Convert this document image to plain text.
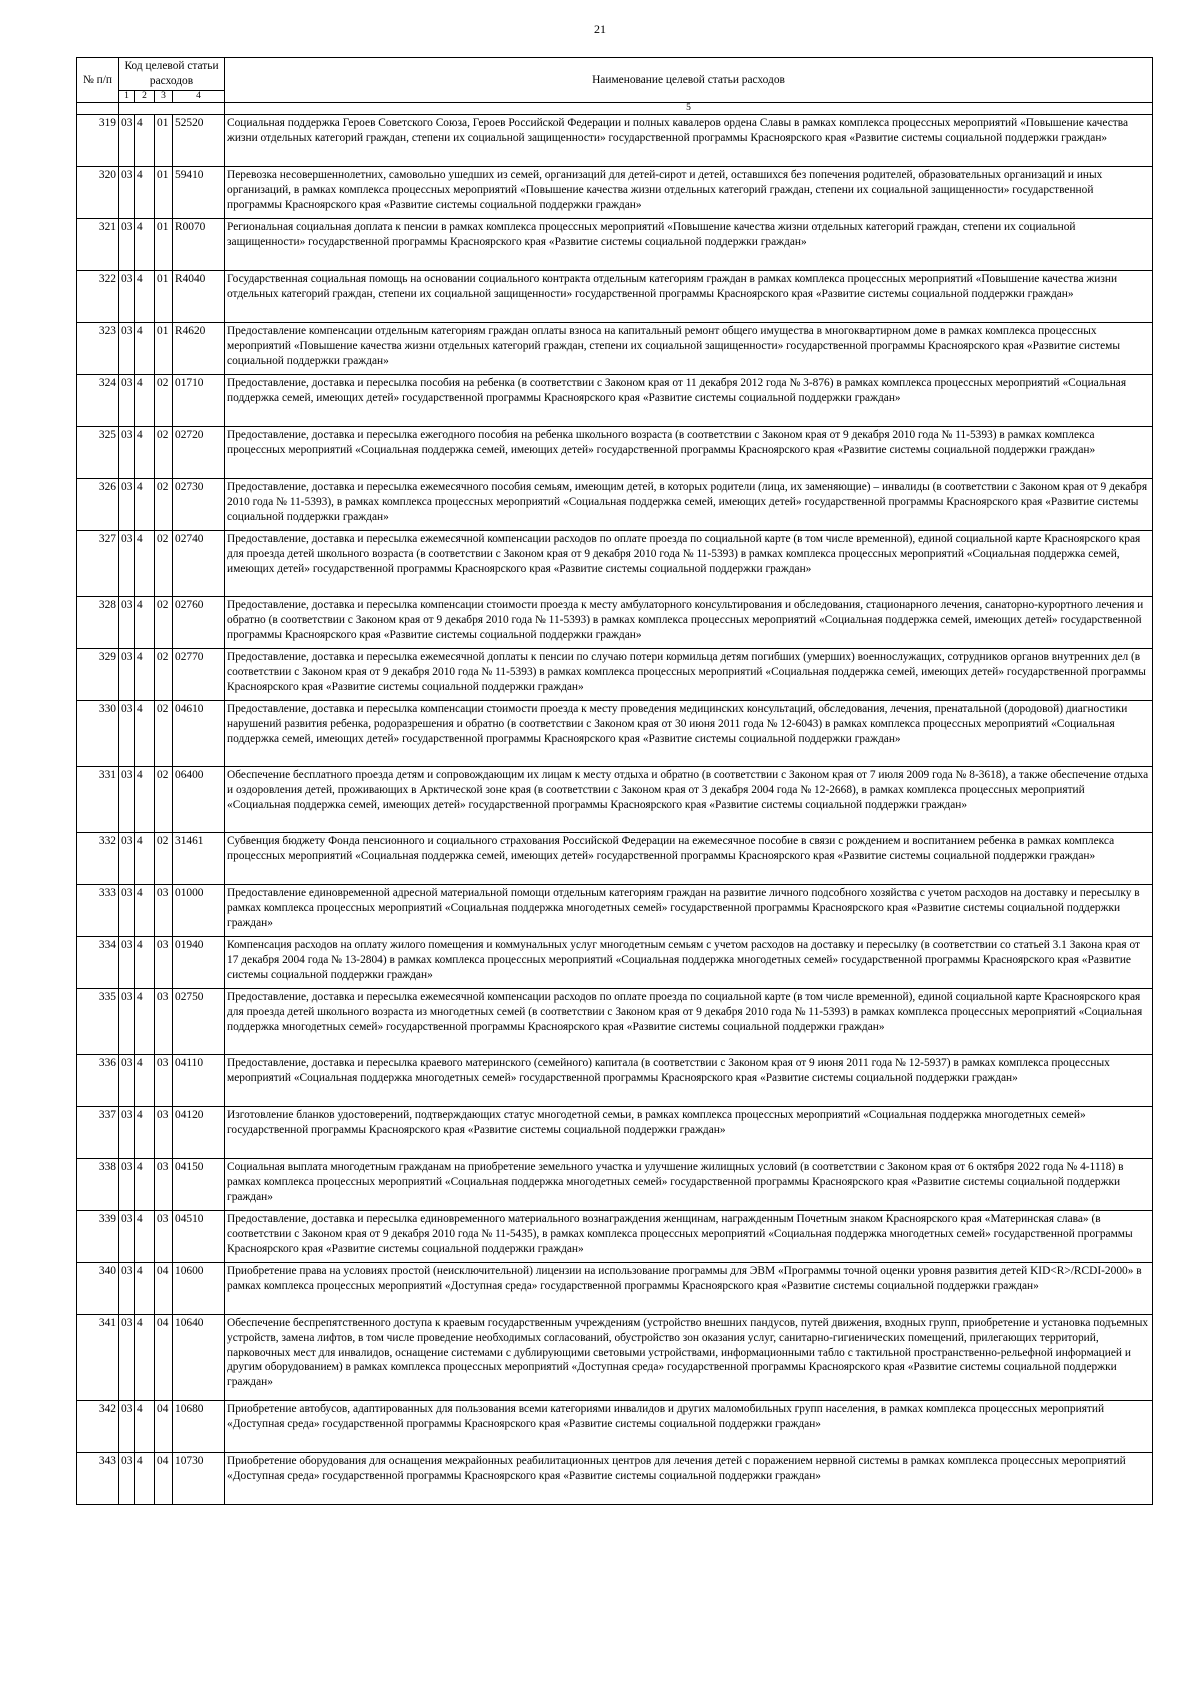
21
№ п/п	Код целевой статьи расходов				Наименование целевой статьи расходов
	1	2	3	4	
					5
319	03	4	01	52520	Социальная поддержка Героев Советского Союза, Героев Российской Федерации и полных кавалеров ордена Славы в рамках комплекса процессных мероприятий «Повышение качества жизни отдельных категорий граждан, степени их социальной защищенности» государственной программы Красноярского края «Развитие системы социальной поддержки граждан»
320	03	4	01	59410	Перевозка несовершеннолетних, самовольно ушедших из семей, организаций для детей-сирот и детей, оставшихся без попечения родителей, образовательных организаций и иных организаций, в рамках комплекса процессных мероприятий «Повышение качества жизни отдельных категорий граждан, степени их социальной защищенности» государственной программы Красноярского края «Развитие системы социальной поддержки граждан»
321	03	4	01	R0070	Региональная социальная доплата к пенсии в рамках комплекса процессных мероприятий «Повышение качества жизни отдельных категорий граждан, степени их социальной защищенности» государственной программы Красноярского края «Развитие системы социальной поддержки граждан»
322	03	4	01	R4040	Государственная социальная помощь на основании социального контракта отдельным категориям граждан в рамках комплекса процессных мероприятий «Повышение качества жизни отдельных категорий граждан, степени их социальной защищенности» государственной программы Красноярского края «Развитие системы социальной поддержки граждан»
323	03	4	01	R4620	Предоставление компенсации отдельным категориям граждан оплаты взноса на капитальный ремонт общего имущества в многоквартирном доме в рамках комплекса процессных мероприятий «Повышение качества жизни отдельных категорий граждан, степени их социальной защищенности» государственной программы Красноярского края «Развитие системы социальной поддержки граждан»
324	03	4	02	01710	Предоставление, доставка и пересылка пособия на ребенка (в соответствии с Законом края от 11 декабря 2012 года № 3-876) в рамках комплекса процессных мероприятий «Социальная поддержка семей, имеющих детей» государственной программы Красноярского края «Развитие системы социальной поддержки граждан»
325	03	4	02	02720	Предоставление, доставка и пересылка ежегодного пособия на ребенка школьного возраста (в соответствии с Законом края от 9 декабря 2010 года № 11-5393) в рамках комплекса процессных мероприятий «Социальная поддержка семей, имеющих детей» государственной программы Красноярского края «Развитие системы социальной поддержки граждан»
326	03	4	02	02730	Предоставление, доставка и пересылка ежемесячного пособия семьям, имеющим детей, в которых родители (лица, их заменяющие) – инвалиды (в соответствии с Законом края от 9 декабря 2010 года № 11-5393), в рамках комплекса процессных мероприятий «Социальная поддержка семей, имеющих детей» государственной программы Красноярского края «Развитие системы социальной поддержки граждан»
327	03	4	02	02740	Предоставление, доставка и пересылка ежемесячной компенсации расходов по оплате проезда по социальной карте (в том числе временной), единой социальной карте Красноярского края для проезда детей школьного возраста (в соответствии с Законом края от 9 декабря 2010 года № 11-5393) в рамках комплекса процессных мероприятий «Социальная поддержка семей, имеющих детей» государственной программы Красноярского края «Развитие системы социальной поддержки граждан»
328	03	4	02	02760	Предоставление, доставка и пересылка компенсации стоимости проезда к месту амбулаторного консультирования и обследования, стационарного лечения, санаторно-курортного лечения и обратно (в соответствии с Законом края от 9 декабря 2010 года № 11-5393) в рамках комплекса процессных мероприятий «Социальная поддержка семей, имеющих детей» государственной программы Красноярского края «Развитие системы социальной поддержки граждан»
329	03	4	02	02770	Предоставление, доставка и пересылка ежемесячной доплаты к пенсии по случаю потери кормильца детям погибших (умерших) военнослужащих, сотрудников органов внутренних дел (в соответствии с Законом края от 9 декабря 2010 года № 11-5393) в рамках комплекса процессных мероприятий «Социальная поддержка семей, имеющих детей» государственной программы Красноярского края «Развитие системы социальной поддержки граждан»
330	03	4	02	04610	Предоставление, доставка и пересылка компенсации стоимости проезда к месту проведения медицинских консультаций, обследования, лечения, пренатальной (дородовой) диагностики нарушений развития ребенка, родоразрешения и обратно (в соответствии с Законом края от 30 июня 2011 года № 12-6043) в рамках комплекса процессных мероприятий «Социальная поддержка семей, имеющих детей» государственной программы Красноярского края «Развитие системы социальной поддержки граждан»
331	03	4	02	06400	Обеспечение бесплатного проезда детям и сопровождающим их лицам к месту отдыха и обратно (в соответствии с Законом края от 7 июля 2009 года № 8-3618), а также обеспечение отдыха и оздоровления детей, проживающих в Арктической зоне края (в соответствии с Законом края от 3 декабря 2004 года № 12-2668), в рамках комплекса процессных мероприятий «Социальная поддержка семей, имеющих детей» государственной программы Красноярского края «Развитие системы социальной поддержки граждан»
332	03	4	02	31461	Субвенция бюджету Фонда пенсионного и социального страхования Российской Федерации на ежемесячное пособие в связи с рождением и воспитанием ребенка в рамках комплекса процессных мероприятий «Социальная поддержка семей, имеющих детей» государственной программы Красноярского края «Развитие системы социальной поддержки граждан»
333	03	4	03	01000	Предоставление единовременной адресной материальной помощи отдельным категориям граждан на развитие личного подсобного хозяйства с учетом расходов на доставку и пересылку в рамках комплекса процессных мероприятий «Социальная поддержка многодетных семей» государственной программы Красноярского края «Развитие системы социальной поддержки граждан»
334	03	4	03	01940	Компенсация расходов на оплату жилого помещения и коммунальных услуг многодетным семьям с учетом расходов на доставку и пересылку (в соответствии со статьей 3.1 Закона края от 17 декабря 2004 года № 13-2804) в рамках комплекса процессных мероприятий «Социальная поддержка многодетных семей» государственной программы Красноярского края «Развитие системы социальной поддержки граждан»
335	03	4	03	02750	Предоставление, доставка и пересылка ежемесячной компенсации расходов по оплате проезда по социальной карте (в том числе временной), единой социальной карте Красноярского края для проезда детей школьного возраста из многодетных семей (в соответствии с Законом края от 9 декабря 2010 года № 11-5393) в рамках комплекса процессных мероприятий «Социальная поддержка многодетных семей» государственной программы Красноярского края «Развитие системы социальной поддержки граждан»
336	03	4	03	04110	Предоставление, доставка и пересылка краевого материнского (семейного) капитала (в соответствии с Законом края от 9 июня 2011 года № 12-5937) в рамках комплекса процессных мероприятий «Социальная поддержка многодетных семей» государственной программы Красноярского края «Развитие системы социальной поддержки граждан»
337	03	4	03	04120	Изготовление бланков удостоверений, подтверждающих статус многодетной семьи, в рамках комплекса процессных мероприятий «Социальная поддержка многодетных семей» государственной программы Красноярского края «Развитие системы социальной поддержки граждан»
338	03	4	03	04150	Социальная выплата многодетным гражданам на приобретение земельного участка и улучшение жилищных условий (в соответствии с Законом края от 6 октября 2022 года № 4-1118) в рамках комплекса процессных мероприятий «Социальная поддержка многодетных семей» государственной программы Красноярского края «Развитие системы социальной поддержки граждан»
339	03	4	03	04510	Предоставление, доставка и пересылка единовременного материального вознаграждения женщинам, награжденным Почетным знаком Красноярского края «Материнская слава» (в соответствии с Законом края от 9 декабря 2010 года № 11-5435), в рамках комплекса процессных мероприятий «Социальная поддержка многодетных семей» государственной программы Красноярского края «Развитие системы социальной поддержки граждан»
340	03	4	04	10600	Приобретение права на условиях простой (неисключительной) лицензии на использование программы для ЭВМ «Программы точной оценки уровня развития детей KID<R>/RCDI-2000» в рамках комплекса процессных мероприятий «Доступная среда» государственной программы Красноярского края «Развитие системы социальной поддержки граждан»
341	03	4	04	10640	Обеспечение беспрепятственного доступа к краевым государственным учреждениям (устройство внешних пандусов, путей движения, входных групп, приобретение и установка подъемных устройств, замена лифтов, в том числе проведение необходимых согласований, обустройство зон оказания услуг, санитарно-гигиенических помещений, прилегающих территорий, парковочных мест для инвалидов, оснащение системами с дублирующими световыми устройствами, информационными табло с тактильной пространственно-рельефной информацией и другим оборудованием) в рамках комплекса процессных мероприятий «Доступная среда» государственной программы Красноярского края «Развитие системы социальной поддержки граждан»
342	03	4	04	10680	Приобретение автобусов, адаптированных для пользования всеми категориями инвалидов и других маломобильных групп населения, в рамках комплекса процессных мероприятий «Доступная среда» государственной программы Красноярского края «Развитие системы социальной поддержки граждан»
343	03	4	04	10730	Приобретение оборудования для оснащения межрайонных реабилитационных центров для лечения детей с поражением нервной системы в рамках комплекса процессных мероприятий «Доступная среда» государственной программы Красноярского края «Развитие системы социальной поддержки граждан»
